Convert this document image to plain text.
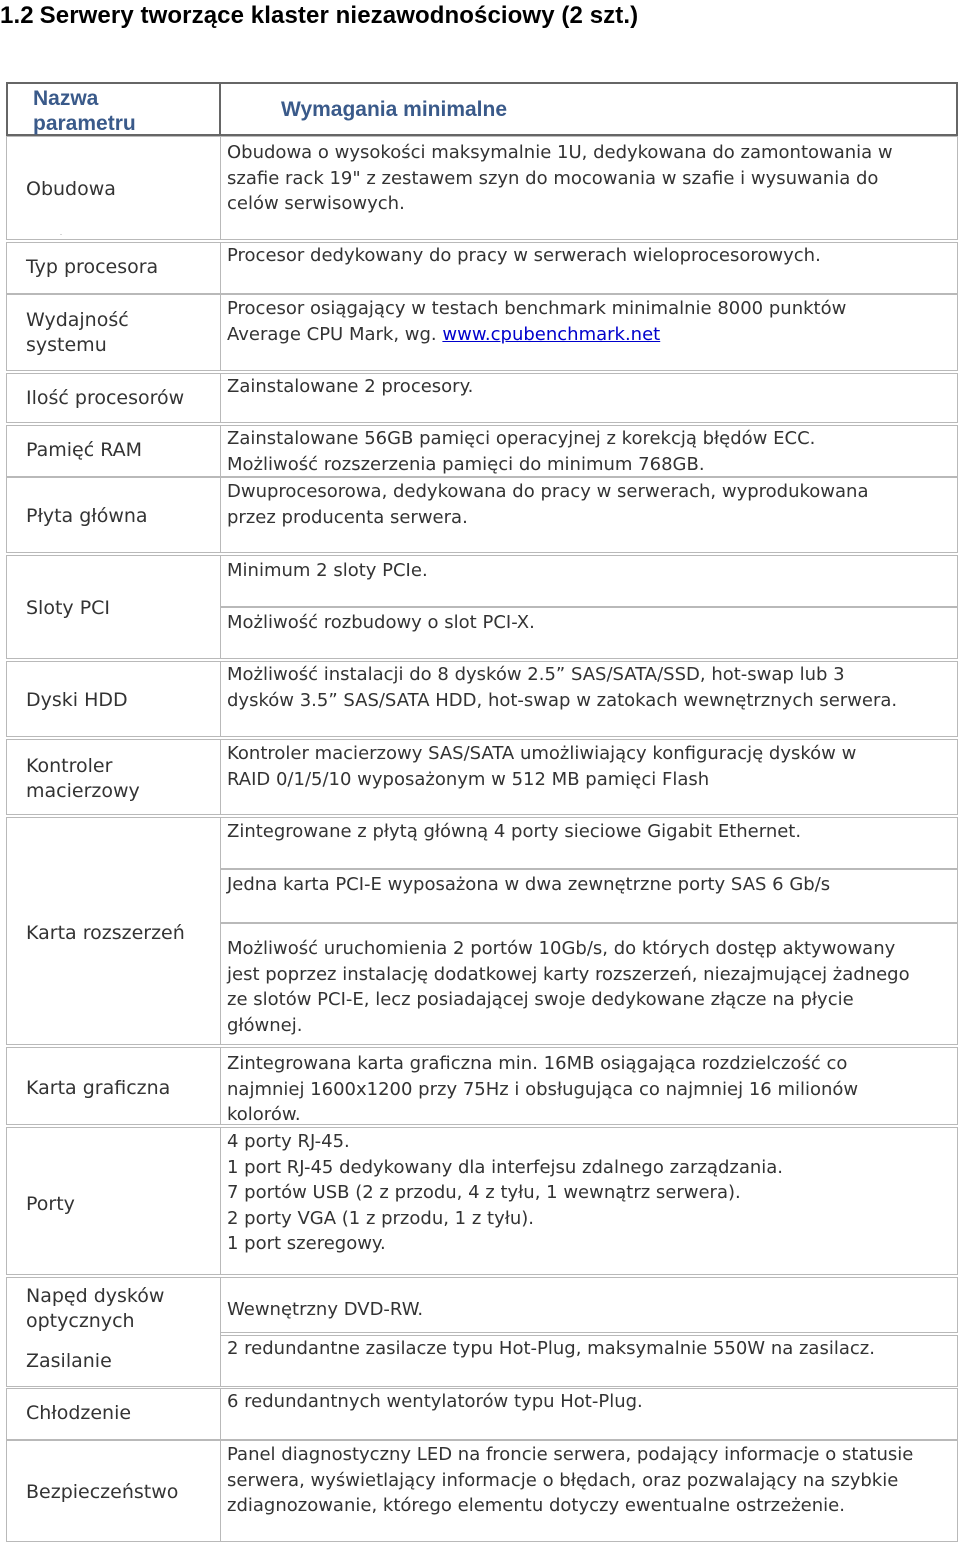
1.2 Serwery tworzące klaster niezawodnościowy (2 szt.)
Nazwa parametru
Wymagania minimalne
Obudowa
.
Typ procesora
Wydajność systemu
Ilość procesorów
Pamięć RAM
Płyta główna
Sloty PCI
Dyski HDD
Kontroler macierzowy
Karta rozszerzeń
Karta graficzna
Porty
Napęd dysków optycznych
Zasilanie
Chłodzenie
Bezpieczeństwo
Obudowa o wysokości maksymalnie 1U, dedykowana do zamontowania w
szafie rack 19" z zestawem szyn do mocowania w szafie i wysuwania do
celów serwisowych.
Procesor dedykowany do pracy w serwerach wieloprocesorowych.
Procesor osiągający w testach benchmark minimalnie 8000 punktów
Average CPU Mark, wg. www.cpubenchmark.net
Zainstalowane 2 procesory.
Zainstalowane 56GB pamięci operacyjnej z korekcją błędów ECC.
Możliwość rozszerzenia pamięci do minimum 768GB.
Dwuprocesorowa, dedykowana do pracy w serwerach, wyprodukowana
przez producenta serwera.
Minimum 2 sloty PCIe.
Możliwość rozbudowy o slot PCI-X.
Możliwość instalacji do 8 dysków 2.5” SAS/SATA/SSD, hot-swap lub 3
dysków 3.5” SAS/SATA HDD, hot-swap w zatokach wewnętrznych serwera.
Kontroler macierzowy SAS/SATA umożliwiający konfigurację dysków w
RAID 0/1/5/10 wyposażonym w 512 MB pamięci Flash
Zintegrowane z płytą główną 4 porty sieciowe Gigabit Ethernet.
Jedna karta PCI-E wyposażona w dwa zewnętrzne porty SAS 6 Gb/s
Możliwość uruchomienia 2 portów 10Gb/s, do których dostęp aktywowany
jest poprzez instalację dodatkowej karty rozszerzeń, niezajmującej żadnego
ze slotów PCI-E, lecz posiadającej swoje dedykowane złącze na płycie
głównej.
Zintegrowana karta graficzna min. 16MB osiągająca rozdzielczość co
najmniej 1600x1200 przy 75Hz i obsługująca co najmniej 16 milionów
kolorów.
4 porty RJ-45.
1 port RJ-45 dedykowany dla interfejsu zdalnego zarządzania.
7 portów USB (2 z przodu, 4 z tyłu, 1 wewnątrz serwera).
2 porty VGA (1 z przodu, 1 z tyłu).
1 port szeregowy.
Wewnętrzny DVD-RW.
2 redundantne zasilacze typu Hot-Plug, maksymalnie 550W na zasilacz.
6 redundantnych wentylatorów typu Hot-Plug.
Panel diagnostyczny LED na froncie serwera, podający informacje o statusie
serwera, wyświetlający informacje o błędach, oraz pozwalający na szybkie
zdiagnozowanie, którego elementu dotyczy ewentualne ostrzeżenie.
